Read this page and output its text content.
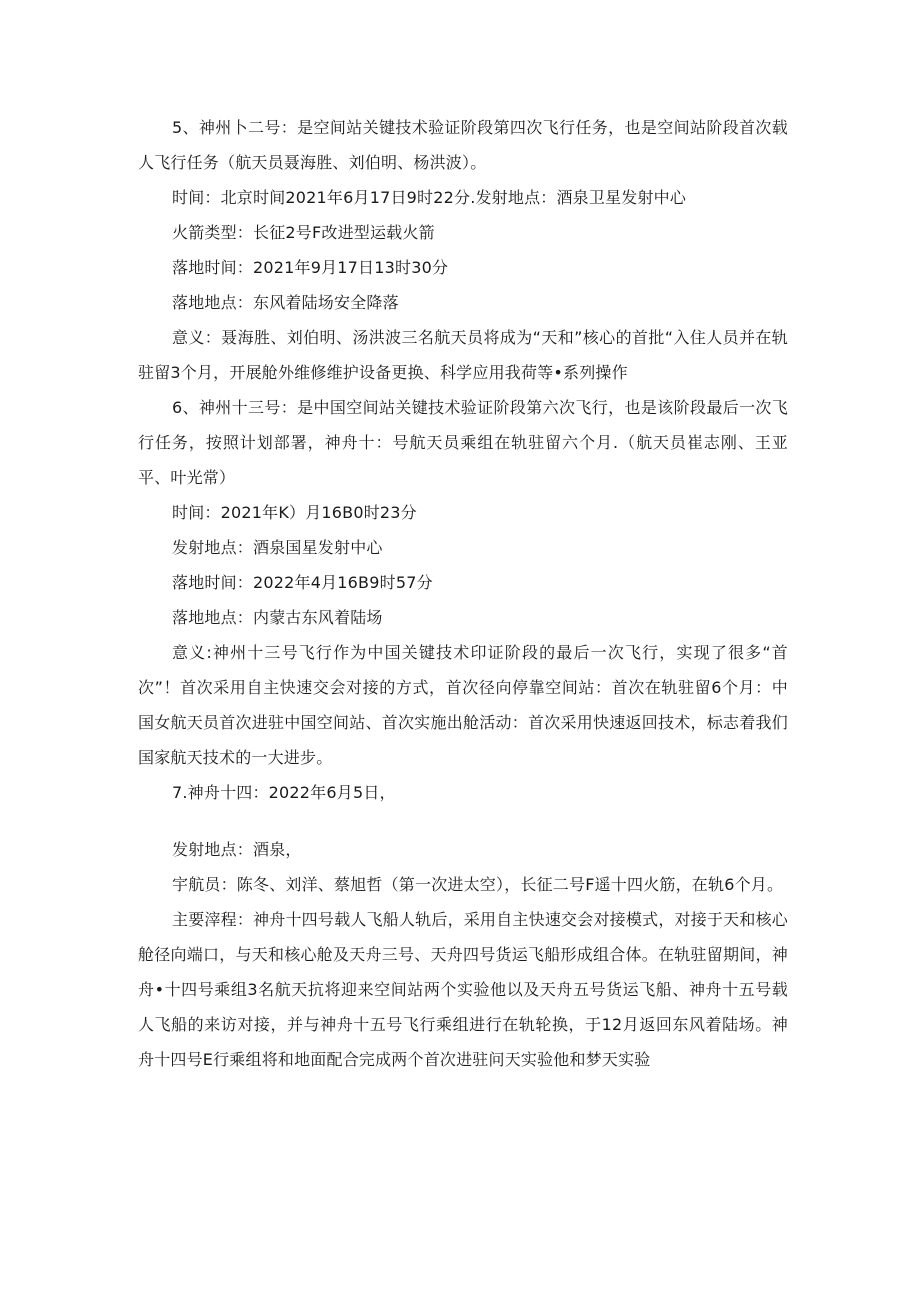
5、神州卜二号：是空间站关键技术验证阶段第四次飞行任务，也是空间站阶段首次载人飞行任务（航天员聂海胜、刘伯明、杨洪波）。

时间：北京时间2021年6月17日9时22分.发射地点：酒泉卫星发射中心

火箭类型：长征2号F改进型运载火箭

落地时间：2021年9月17日13时30分

落地地点：东风着陆场安全降落

意义：聂海胜、刘伯明、汤洪波三名航天员将成为“天和”核心的首批“入住人员并在轨驻留3个月，开展舱外维修维护设备更换、科学应用我荷等•系列操作

6、神州十三号：是中国空间站关键技术验证阶段第六次飞行，也是该阶段最后一次飞行任务，按照计划部署，神舟十：号航天员乘组在轨驻留六个月.（航天员崔志刚、王亚平、叶光常）

时间：2021年K）月16B0时23分

发射地点：酒泉国星发射中心

落地时间：2022年4月16B9时57分

落地地点：内蒙古东风着陆场

意义:神州十三号飞行作为中国关键技术印证阶段的最后一次飞行，实现了很多“首次”！首次采用自主快速交会对接的方式，首次径向停靠空间站：首次在轨驻留6个月：中国女航天员首次进驻中国空间站、首次实施出舱活动：首次采用快速返回技术，标志着我们国家航天技术的一大进步。

7.神舟十四：2022年6月5日，

发射地点：酒泉，

宇航员：陈冬、刘洋、蔡旭哲（第一次进太空），长征二号F遥十四火筋，在轨6个月。

主要滓程：神舟十四号载人飞船人轨后，采用自主快速交会对接模式，对接于天和核心舱径向端口，与天和核心舱及天舟三号、天舟四号货运飞船形成组合体。在轨驻留期间，神舟•十四号乘组3名航天抗将迎来空间站两个实验他以及天舟五号货运飞船、神舟十五号载人飞船的来访对接，并与神舟十五号飞行乘组进行在轨轮换，于12月返回东风着陆场。神舟十四号E行乘组将和地面配合完成两个首次进驻问天实验他和梦天实验
